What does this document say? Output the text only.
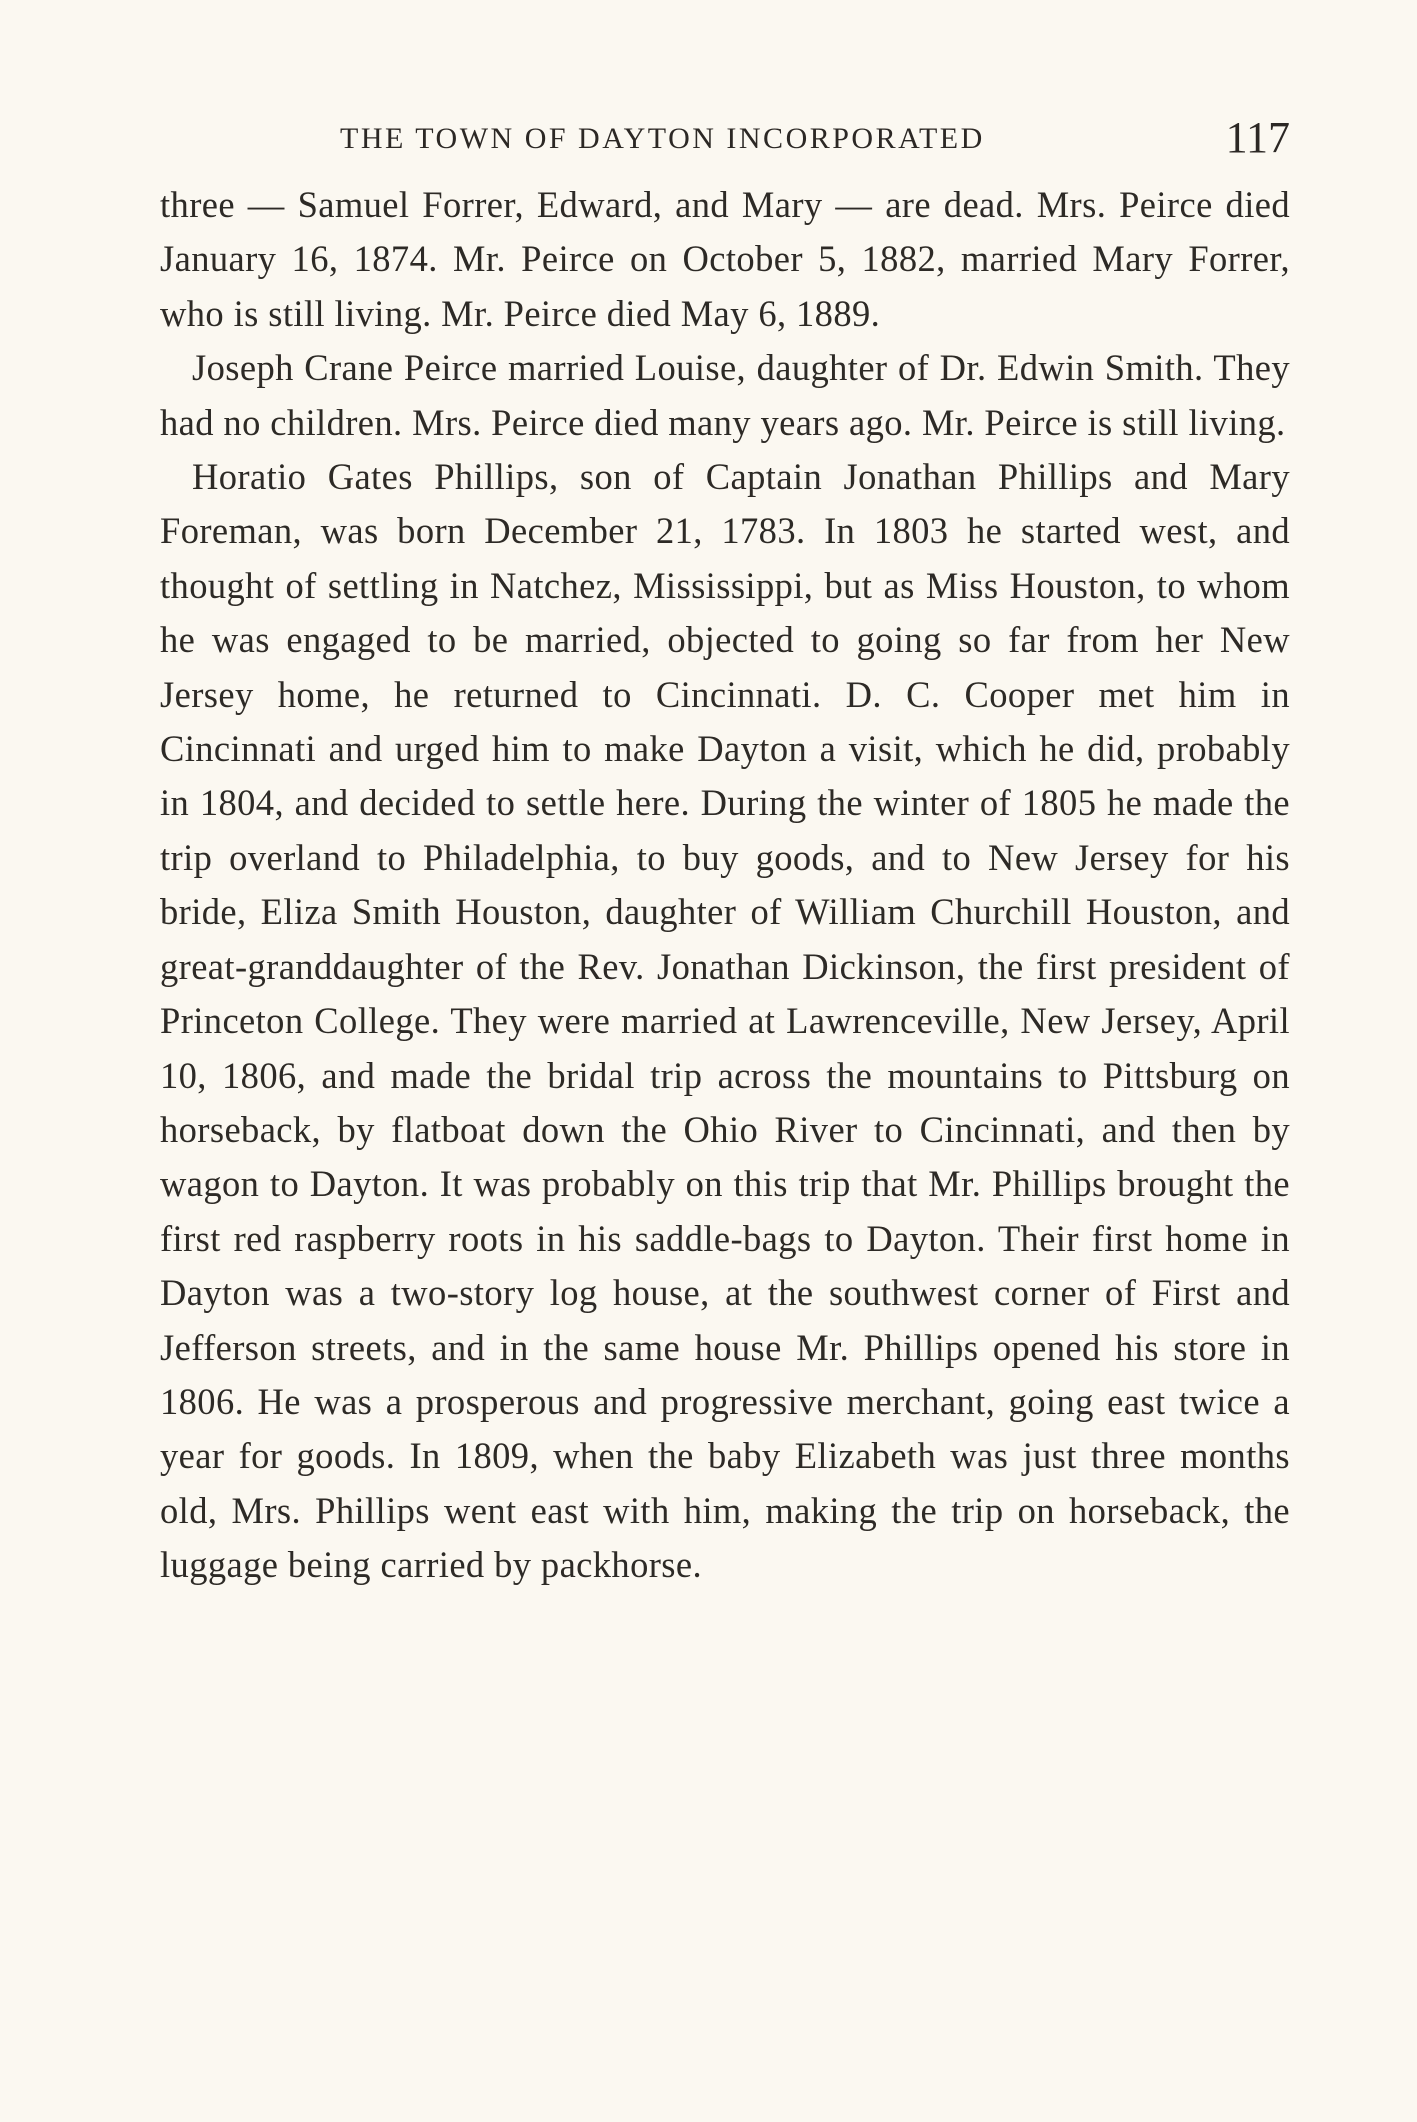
THE TOWN OF DAYTON INCORPORATED	117

three — Samuel Forrer, Edward, and Mary — are dead. Mrs. Peirce died January 16, 1874. Mr. Peirce on October 5, 1882, married Mary Forrer, who is still living. Mr. Peirce died May 6, 1889.

Joseph Crane Peirce married Louise, daughter of Dr. Edwin Smith. They had no children. Mrs. Peirce died many years ago. Mr. Peirce is still living.

Horatio Gates Phillips, son of Captain Jonathan Phillips and Mary Foreman, was born December 21, 1783. In 1803 he started west, and thought of settling in Natchez, Mississippi, but as Miss Houston, to whom he was engaged to be married, objected to going so far from her New Jersey home, he returned to Cincinnati. D. C. Cooper met him in Cincinnati and urged him to make Dayton a visit, which he did, probably in 1804, and decided to settle here. During the winter of 1805 he made the trip overland to Philadelphia, to buy goods, and to New Jersey for his bride, Eliza Smith Houston, daughter of William Churchill Houston, and great-granddaughter of the Rev. Jonathan Dickinson, the first president of Princeton College. They were married at Lawrenceville, New Jersey, April 10, 1806, and made the bridal trip across the mountains to Pittsburg on horseback, by flatboat down the Ohio River to Cincinnati, and then by wagon to Dayton. It was probably on this trip that Mr. Phillips brought the first red raspberry roots in his saddle-bags to Dayton. Their first home in Dayton was a two-story log house, at the southwest corner of First and Jefferson streets, and in the same house Mr. Phillips opened his store in 1806. He was a prosperous and progressive merchant, going east twice a year for goods. In 1809, when the baby Elizabeth was just three months old, Mrs. Phillips went east with him, making the trip on horseback, the luggage being carried by packhorse.
